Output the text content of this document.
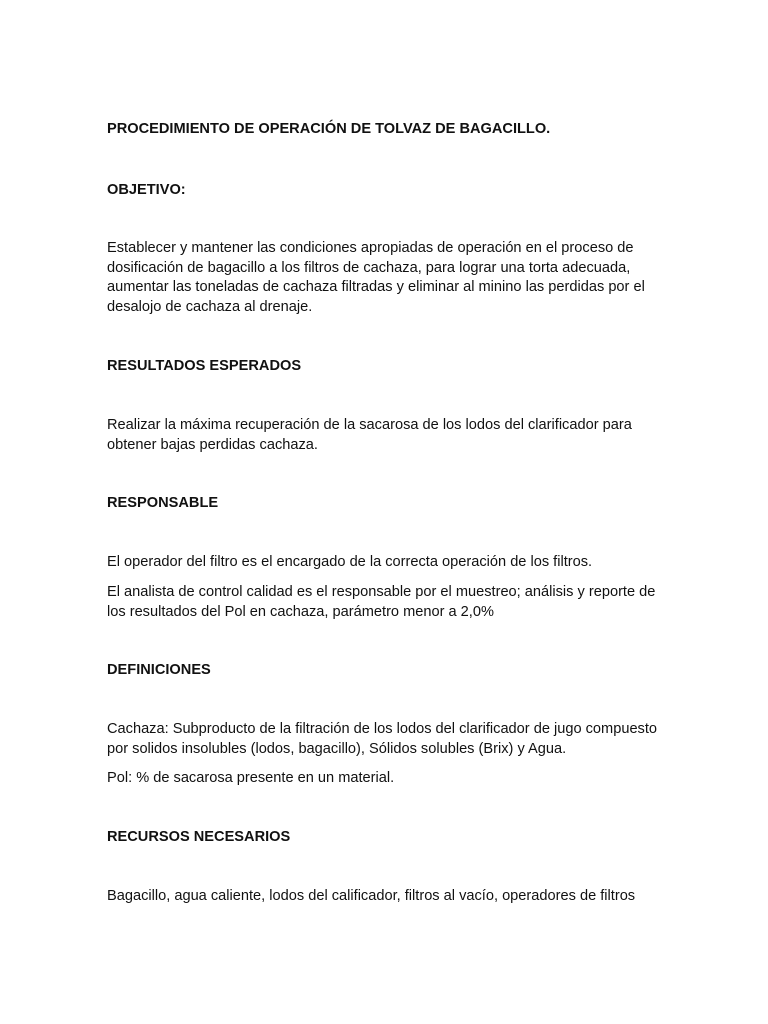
PROCEDIMIENTO DE OPERACIÓN DE TOLVAZ DE BAGACILLO.

OBJETIVO:

Establecer y mantener las condiciones apropiadas de operación en el proceso de dosificación de bagacillo a los filtros de cachaza, para lograr una torta adecuada, aumentar las toneladas de cachaza filtradas y eliminar al minino las perdidas por el desalojo de cachaza al drenaje.

RESULTADOS ESPERADOS

Realizar la máxima recuperación de la sacarosa de los lodos del clarificador para obtener bajas perdidas cachaza.

RESPONSABLE

El operador del filtro es el encargado de la correcta operación de los filtros.

El analista de control calidad es el responsable por el muestreo; análisis y reporte de los resultados del Pol en cachaza, parámetro menor a 2,0%

DEFINICIONES

Cachaza: Subproducto de la filtración de los lodos del clarificador de jugo compuesto por solidos insolubles (lodos, bagacillo), Sólidos solubles (Brix) y Agua.

Pol: % de sacarosa presente en un material.

RECURSOS NECESARIOS

Bagacillo, agua caliente, lodos del calificador, filtros al vacío, operadores de filtros
